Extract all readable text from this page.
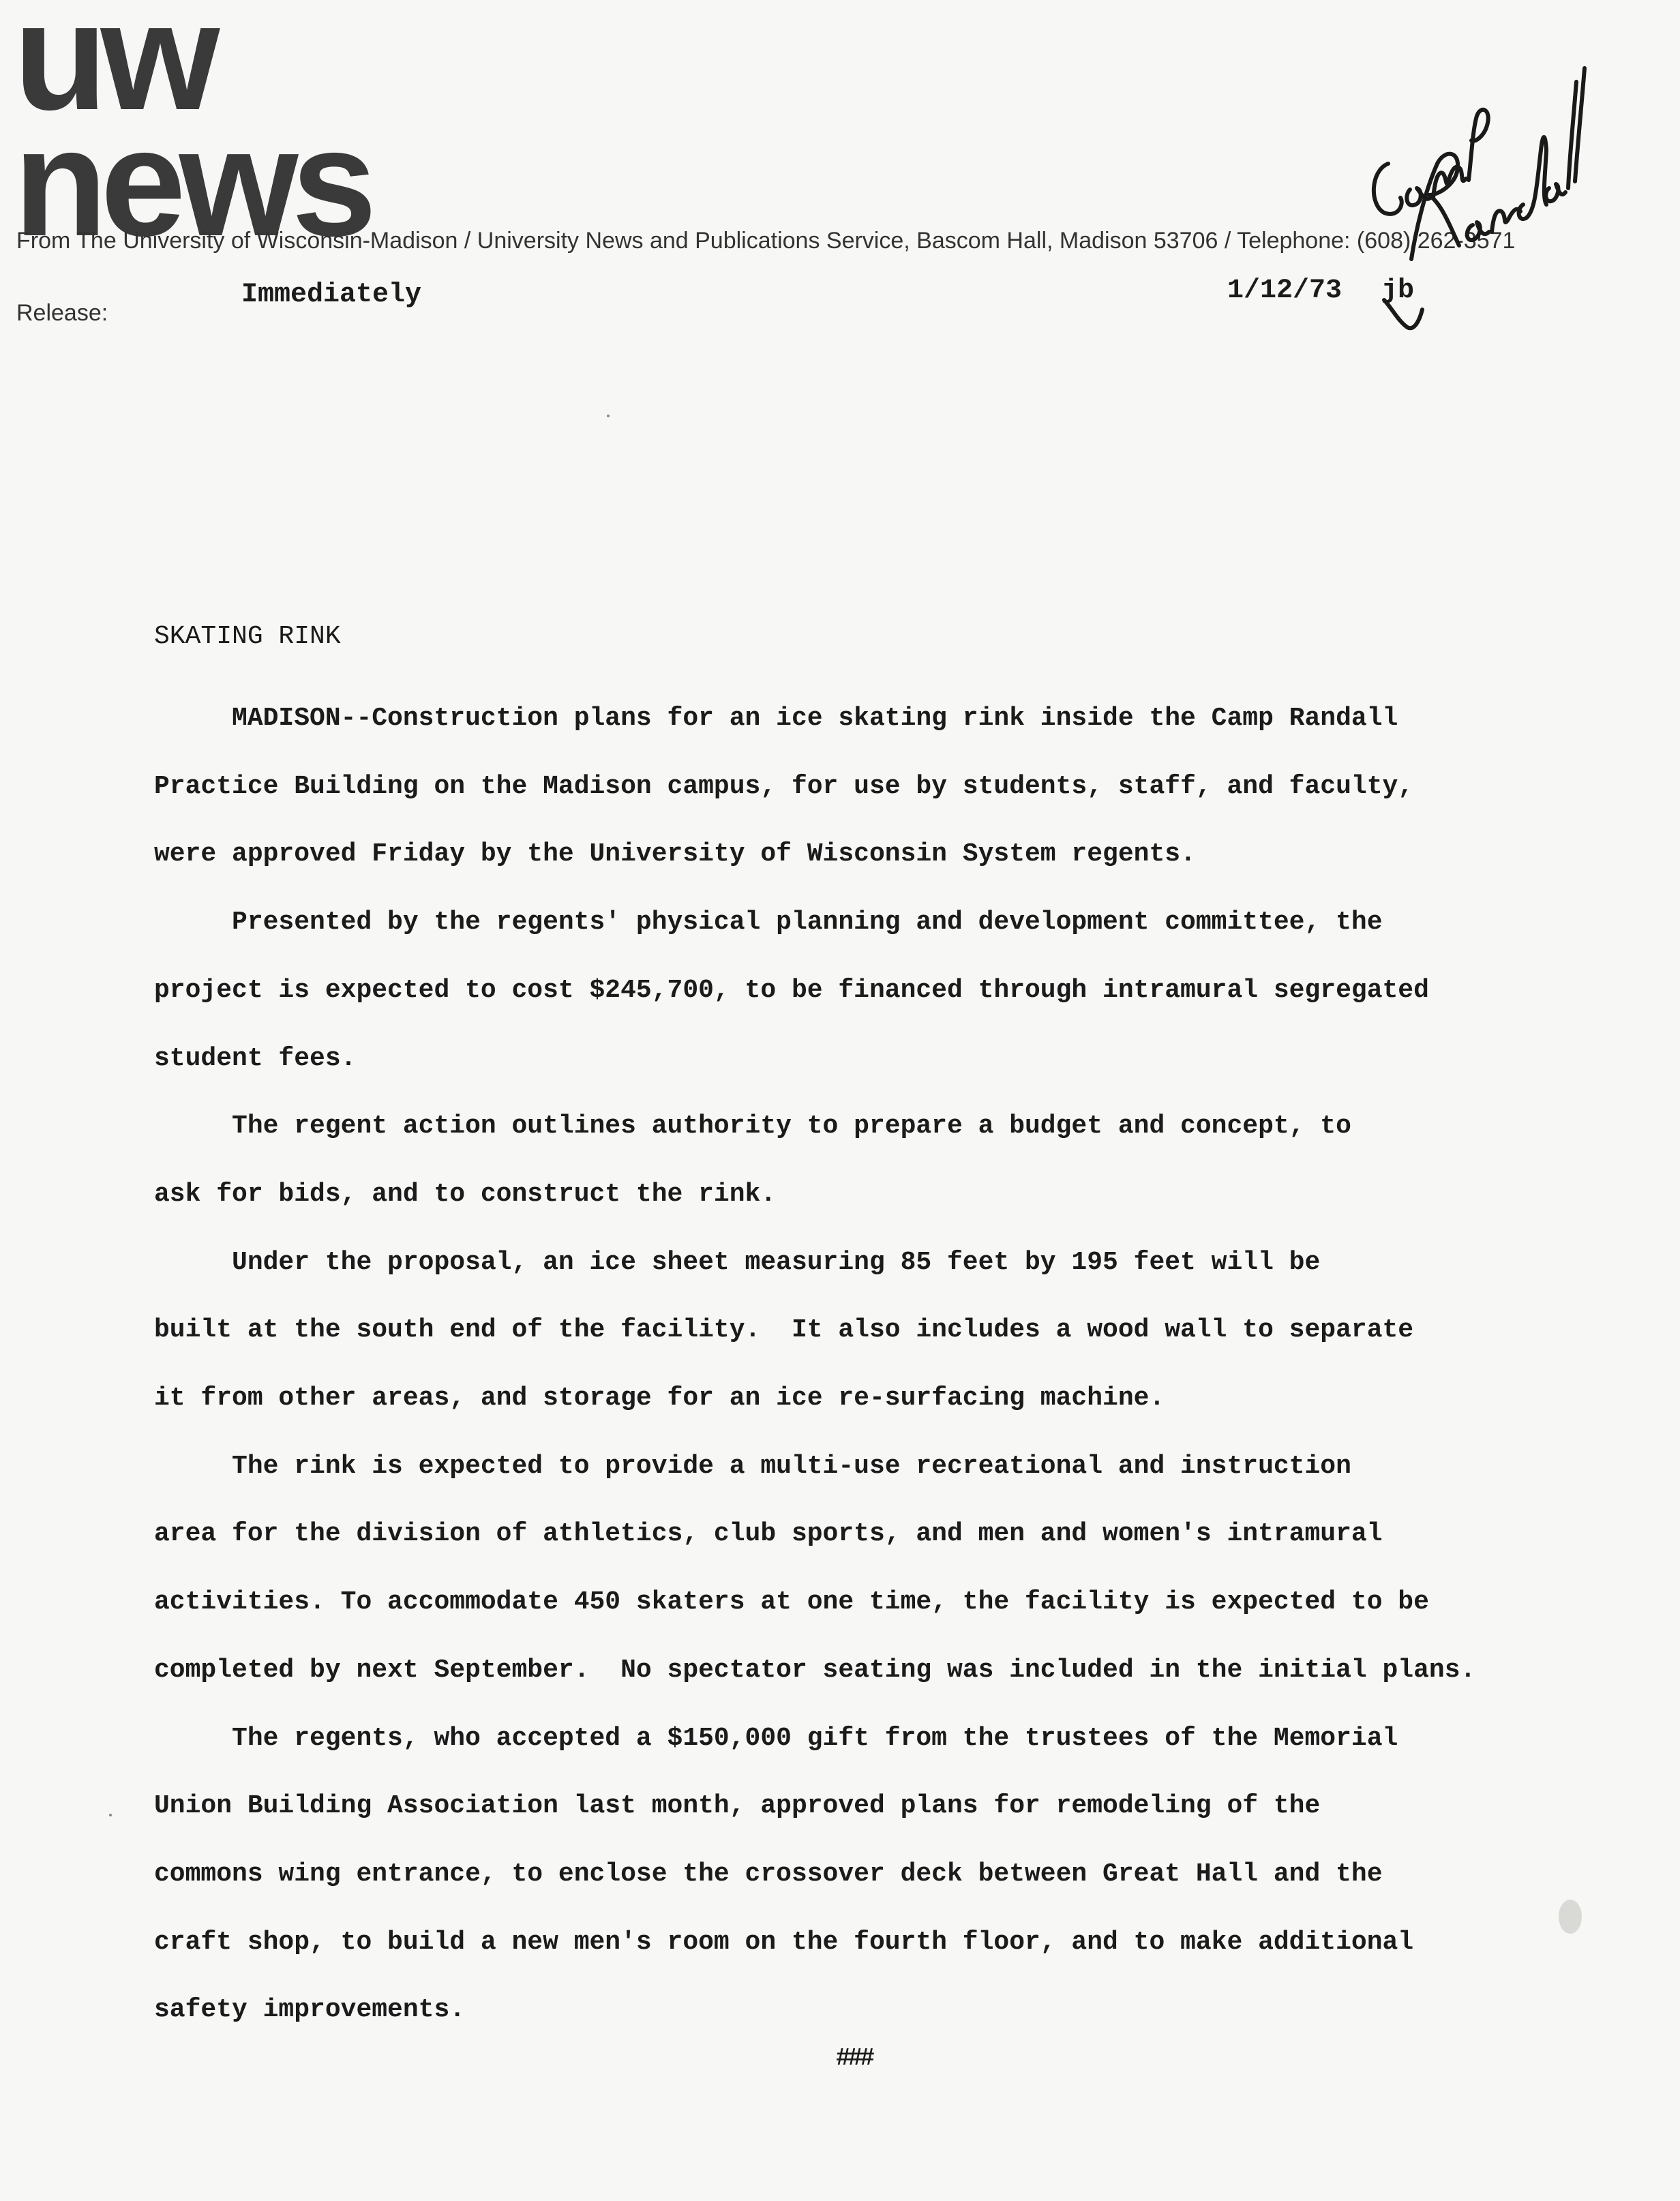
uw
news
From The University of Wisconsin-Madison / University News and Publications Service, Bascom Hall, Madison 53706 / Telephone: (608) 262-3571
Release:
Immediately	1/12/73 jb
SKATING RINK

MADISON--Construction plans for an ice skating rink inside the Camp Randall

Practice Building on the Madison campus, for use by students, staff, and faculty,

were approved Friday by the University of Wisconsin System regents.

Presented by the regents' physical planning and development committee, the

project is expected to cost $245,700, to be financed through intramural segregated

student fees.

The regent action outlines authority to prepare a budget and concept, to

ask for bids, and to construct the rink.

Under the proposal, an ice sheet measuring 85 feet by 195 feet will be

built at the south end of the facility.  It also includes a wood wall to separate

it from other areas, and storage for an ice re-surfacing machine.

The rink is expected to provide a multi-use recreational and instruction

area for the division of athletics, club sports, and men and women's intramural

activities. To accommodate 450 skaters at one time, the facility is expected to be

completed by next September.  No spectator seating was included in the initial plans.

The regents, who accepted a $150,000 gift from the trustees of the Memorial

Union Building Association last month, approved plans for remodeling of the

commons wing entrance, to enclose the crossover deck between Great Hall and the

craft shop, to build a new men's room on the fourth floor, and to make additional

safety improvements.

###
